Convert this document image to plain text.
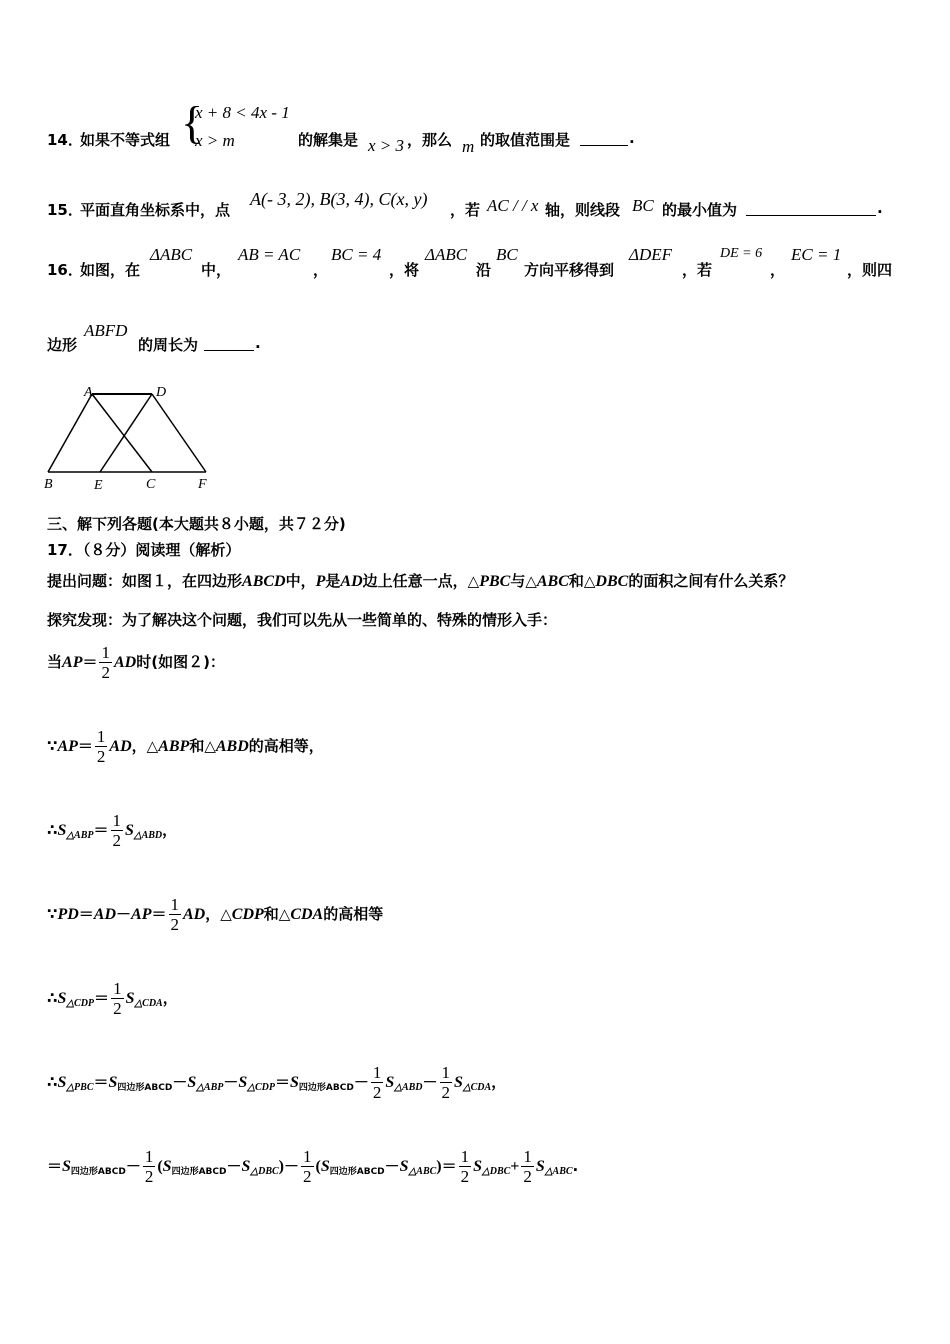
14．
如果不等式组 {
x + 8 < 4x - 1
x > m	的解集是 x > 3 ，那么 m 的取值范围是	.
15．
平面直角坐标系中，点
A(- 3, 2), B(3, 4), C(x, y)
，若 AC / / x 轴，则线段 BC 的最小值为	.
16．
如图，在
ΔABC
中，
AB = AC
，
BC = 4
，将
ΔABC
沿
BC
方向平移得到
ΔDEF
，若
DE = 6
，
EC = 1
，则四
边形
ABFD
的周长为	.
A	D
B	E	C	F
三、解下列各题(本大题共８小题，共７２分)
17．（８分）阅读理（解析）
提出问题：如图１，在四边形ABCD中，P是AD边上任意一点，△PBC与△ABC和△DBC的面积之间有什么关系？
探究发现：为了解决这个问题，我们可以先从一些简单的、特殊的情形入手：
当$AP= \frac{1}{2}$ AD时(如图２)：
∵AP＝ $\frac{1}{2}$ AD，△ABP和△ABD的高相等，
$\therefore S_{\triangle ABP}= \frac{1}{2} S_{\triangle ABD}$，
∵PD＝AD－AP＝ $\frac{1}{2}$ AD，△CDP和△CDA的高相等
$\therefore S_{\triangle CDP}= \frac{1}{2} S_{\triangle CDA}$，
$\therefore S_{\triangle PBC}=S_{四边形ABCD}-S_{\triangle ABP}-S_{\triangle CDP}=S_{四边形ABCD}- \frac{1}{2} S_{\triangle ABD}- \frac{1}{2} S_{\triangle CDA}$，
$=S_{四边形ABCD}- \frac{1}{2} (S_{四边形ABCD}-S_{\triangle DBC})- \frac{1}{2} (S_{四边形ABCD}-S_{\triangle ABC})= \frac{1}{2} S_{\triangle DBC}+ \frac{1}{2} S_{\triangle ABC}$.
